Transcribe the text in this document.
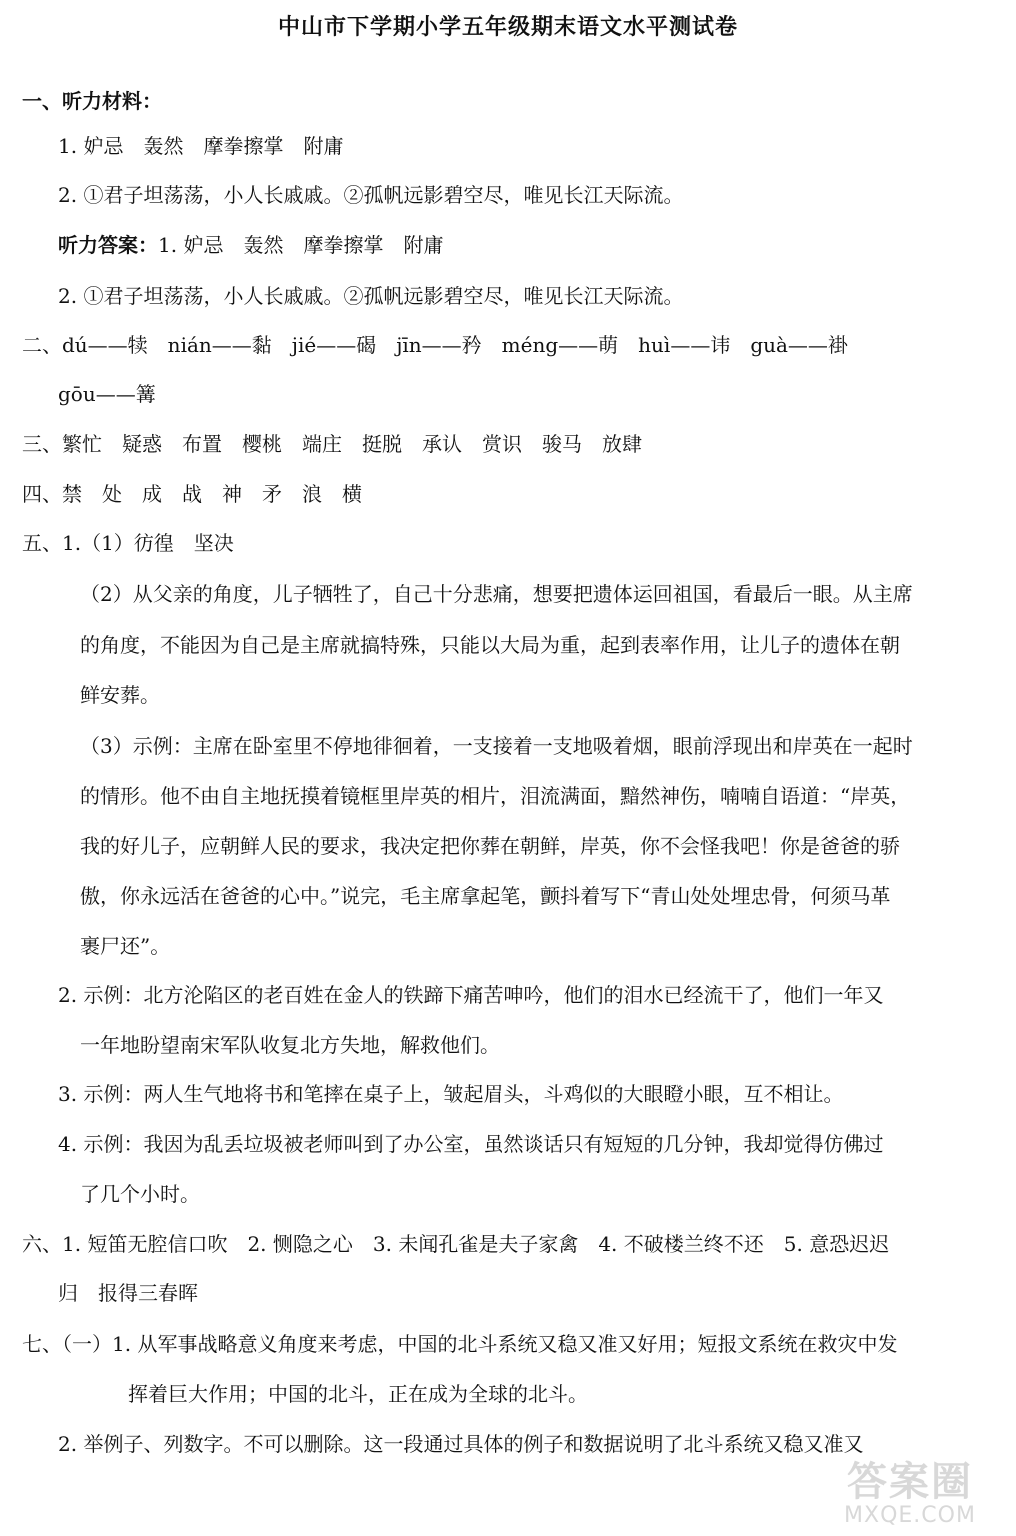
中山市下学期小学五年级期末语文水平测试卷
一、听力材料：
1. 妒忌　轰然　摩拳擦掌　附庸
2. ①君子坦荡荡，小人长戚戚。②孤帆远影碧空尽，唯见长江天际流。
听力答案：1. 妒忌　轰然　摩拳擦掌　附庸
2. ①君子坦荡荡，小人长戚戚。②孤帆远影碧空尽，唯见长江天际流。
二、dú——犊　nián——黏　jié——碣　jīn——矜　méng——萌　huì——讳　guà——褂
gōu——篝
三、繁忙　疑惑　布置　樱桃　端庄　挺脱　承认　赏识　骏马　放肆
四、禁　处　成　战　神　矛　浪　横
五、1.（1）彷徨　坚决
（2）从父亲的角度，儿子牺牲了，自己十分悲痛，想要把遗体运回祖国，看最后一眼。从主席
的角度，不能因为自己是主席就搞特殊，只能以大局为重，起到表率作用，让儿子的遗体在朝
鲜安葬。
（3）示例：主席在卧室里不停地徘徊着，一支接着一支地吸着烟，眼前浮现出和岸英在一起时
的情形。他不由自主地抚摸着镜框里岸英的相片，泪流满面，黯然神伤，喃喃自语道：“岸英，
我的好儿子，应朝鲜人民的要求，我决定把你葬在朝鲜，岸英，你不会怪我吧！你是爸爸的骄
傲，你永远活在爸爸的心中。”说完，毛主席拿起笔，颤抖着写下“青山处处埋忠骨，何须马革
裹尸还”。
2. 示例：北方沦陷区的老百姓在金人的铁蹄下痛苦呻吟，他们的泪水已经流干了，他们一年又
一年地盼望南宋军队收复北方失地，解救他们。
3. 示例：两人生气地将书和笔摔在桌子上，皱起眉头，斗鸡似的大眼瞪小眼，互不相让。
4. 示例：我因为乱丢垃圾被老师叫到了办公室，虽然谈话只有短短的几分钟，我却觉得仿佛过
了几个小时。
六、1. 短笛无腔信口吹　2. 恻隐之心　3. 未闻孔雀是夫子家禽　4. 不破楼兰终不还　5. 意恐迟迟
归　报得三春晖
七、（一）1. 从军事战略意义角度来考虑，中国的北斗系统又稳又准又好用；短报文系统在救灾中发
挥着巨大作用；中国的北斗，正在成为全球的北斗。
2. 举例子、列数字。不可以删除。这一段通过具体的例子和数据说明了北斗系统又稳又准又
答案圈
MXQE.COM
